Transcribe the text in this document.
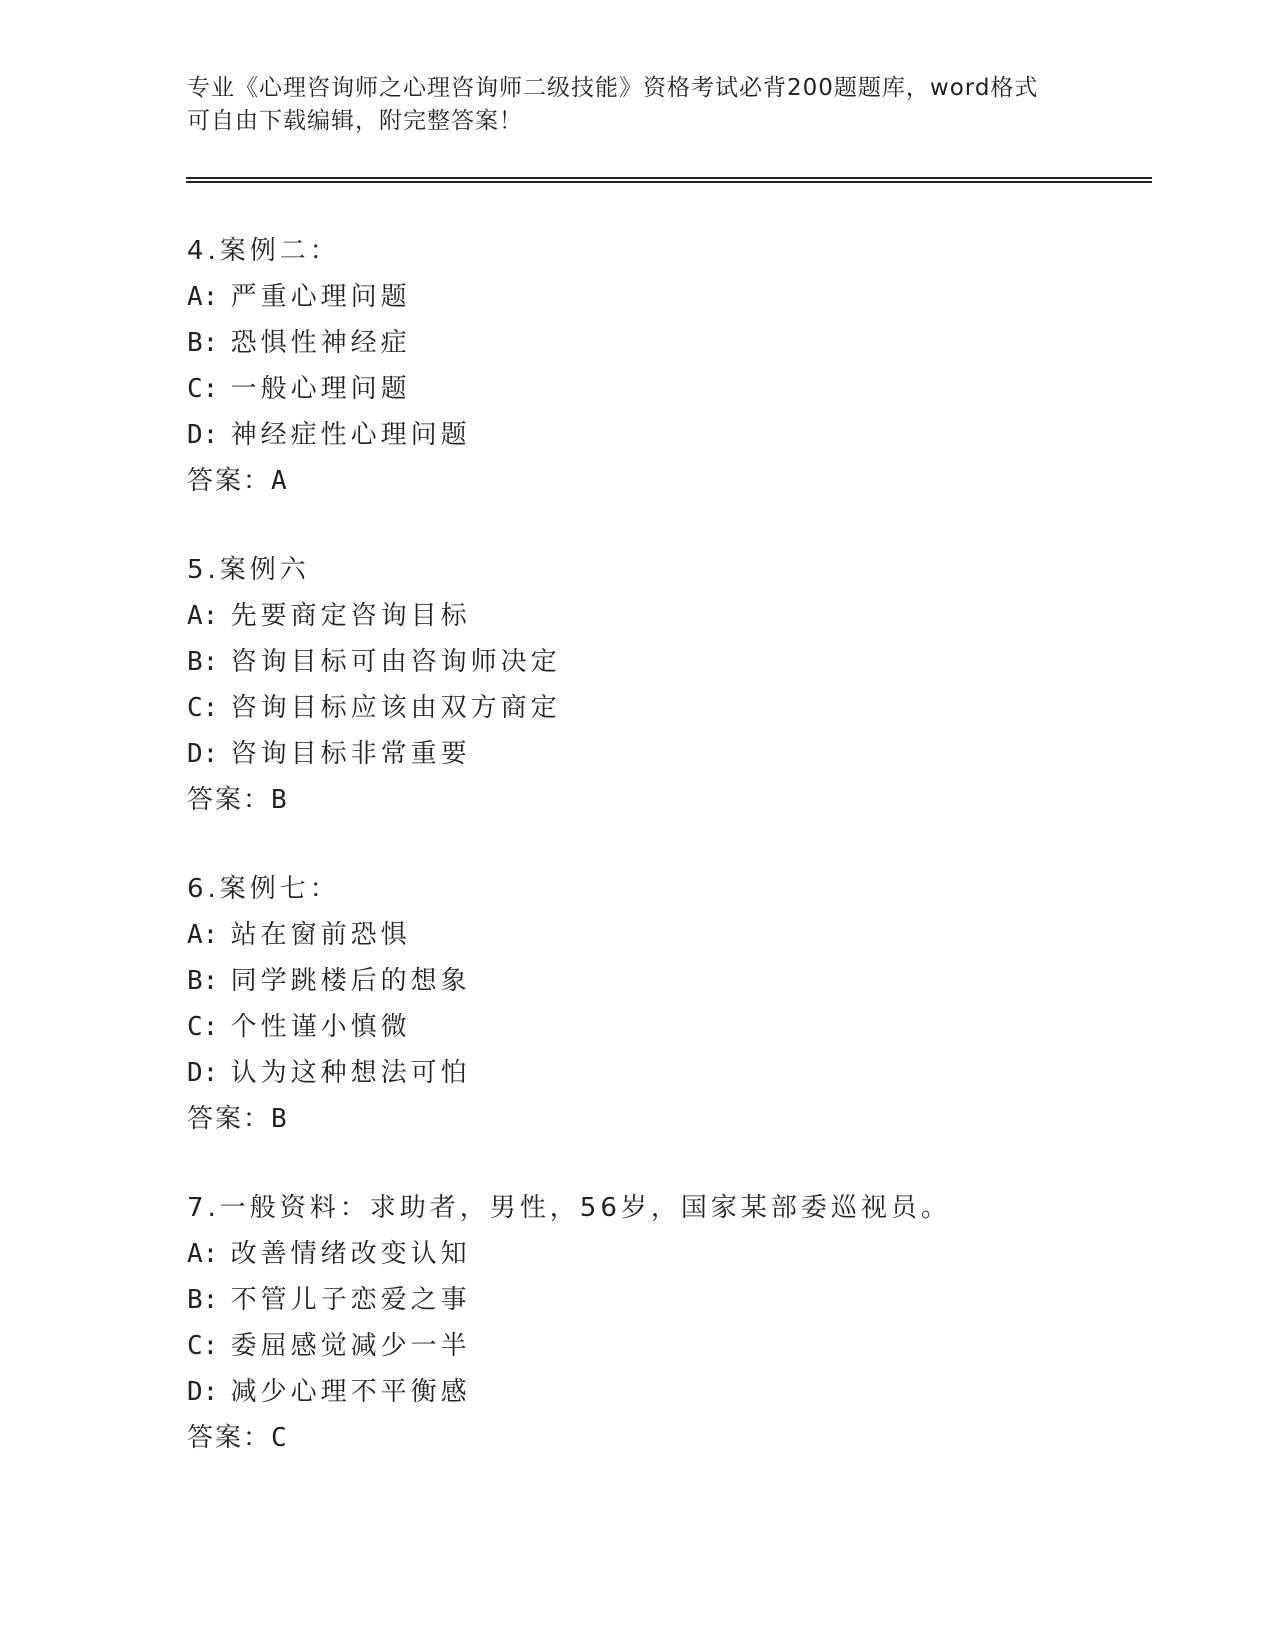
专业《心理咨询师之心理咨询师二级技能》资格考试必背200题题库，word格式
可自由下载编辑，附完整答案！
4.案例二：
A: 严重心理问题
B: 恐惧性神经症
C: 一般心理问题
D: 神经症性心理问题
答案：A
5.案例六
A: 先要商定咨询目标
B: 咨询目标可由咨询师决定
C: 咨询目标应该由双方商定
D: 咨询目标非常重要
答案：B
6.案例七：
A: 站在窗前恐惧
B: 同学跳楼后的想象
C: 个性谨小慎微
D: 认为这种想法可怕
答案：B
7.一般资料：求助者，男性，56岁，国家某部委巡视员。
A: 改善情绪改变认知
B: 不管儿子恋爱之事
C: 委屈感觉减少一半
D: 减少心理不平衡感
答案：C
